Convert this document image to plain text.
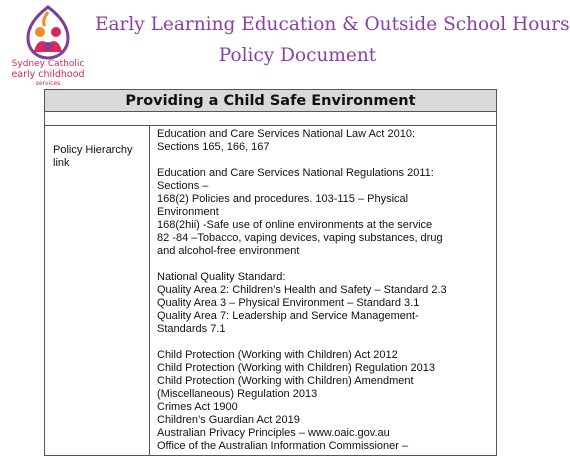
Sydney Catholic
early childhood
services
Early Learning Education & Outside School Hours
Policy Document
Providing a Child Safe Environment

Policy Hierarchy link	

Education and Care Services National Law Act 2010:

Sections 165, 166, 167

Education and Care Services National Regulations 2011:

Sections –

168(2) Policies and procedures. 103-115 – Physical

Environment

168(2hii) -Safe use of online environments at the service

82 -84 –Tobacco, vaping devices, vaping substances, drug

and alcohol-free environment

National Quality Standard:

Quality Area 2: Children’s Health and Safety – Standard 2.3

Quality Area 3 – Physical Environment – Standard 3.1

Quality Area 7: Leadership and Service Management-

Standards 7.1

Child Protection (Working with Children) Act 2012

Child Protection (Working with Children) Regulation 2013

Child Protection (Working with Children) Amendment

(Miscellaneous) Regulation 2013

Crimes Act 1900

Children’s Guardian Act 2019

Australian Privacy Principles – www.oaic.gov.au

Office of the Australian Information Commissioner –
